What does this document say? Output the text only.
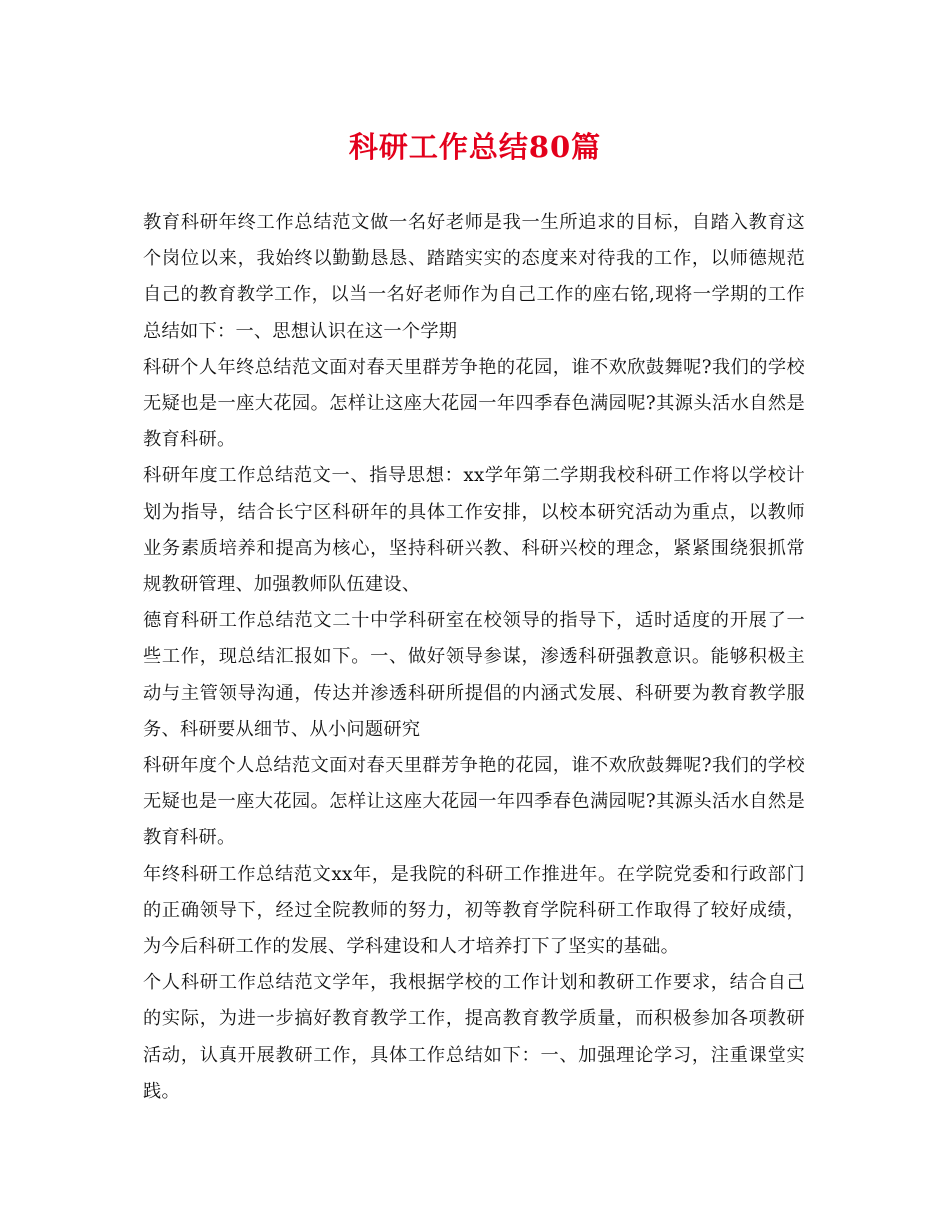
科研工作总结80篇

教育科研年终工作总结范文做一名好老师是我一生所追求的目标，自踏入教育这个岗位以来，我始终以勤勤恳恳、踏踏实实的态度来对待我的工作，以师德规范自己的教育教学工作，以当一名好老师作为自己工作的座右铭,现将一学期的工作总结如下：一、思想认识在这一个学期

科研个人年终总结范文面对春天里群芳争艳的花园，谁不欢欣鼓舞呢?我们的学校无疑也是一座大花园。怎样让这座大花园一年四季春色满园呢?其源头活水自然是教育科研。

科研年度工作总结范文一、指导思想：xx学年第二学期我校科研工作将以学校计划为指导，结合长宁区科研年的具体工作安排，以校本研究活动为重点，以教师业务素质培养和提高为核心，坚持科研兴教、科研兴校的理念，紧紧围绕狠抓常规教研管理、加强教师队伍建设、

德育科研工作总结范文二十中学科研室在校领导的指导下，适时适度的开展了一些工作，现总结汇报如下。一、做好领导参谋，渗透科研强教意识。能够积极主动与主管领导沟通，传达并渗透科研所提倡的内涵式发展、科研要为教育教学服务、科研要从细节、从小问题研究

科研年度个人总结范文面对春天里群芳争艳的花园，谁不欢欣鼓舞呢?我们的学校无疑也是一座大花园。怎样让这座大花园一年四季春色满园呢?其源头活水自然是教育科研。

年终科研工作总结范文xx年，是我院的科研工作推进年。在学院党委和行政部门的正确领导下，经过全院教师的努力，初等教育学院科研工作取得了较好成绩，为今后科研工作的发展、学科建设和人才培养打下了坚实的基础。

个人科研工作总结范文学年，我根据学校的工作计划和教研工作要求，结合自己的实际，为进一步搞好教育教学工作，提高教育教学质量，而积极参加各项教研活动，认真开展教研工作，具体工作总结如下：一、加强理论学习，注重课堂实践。
